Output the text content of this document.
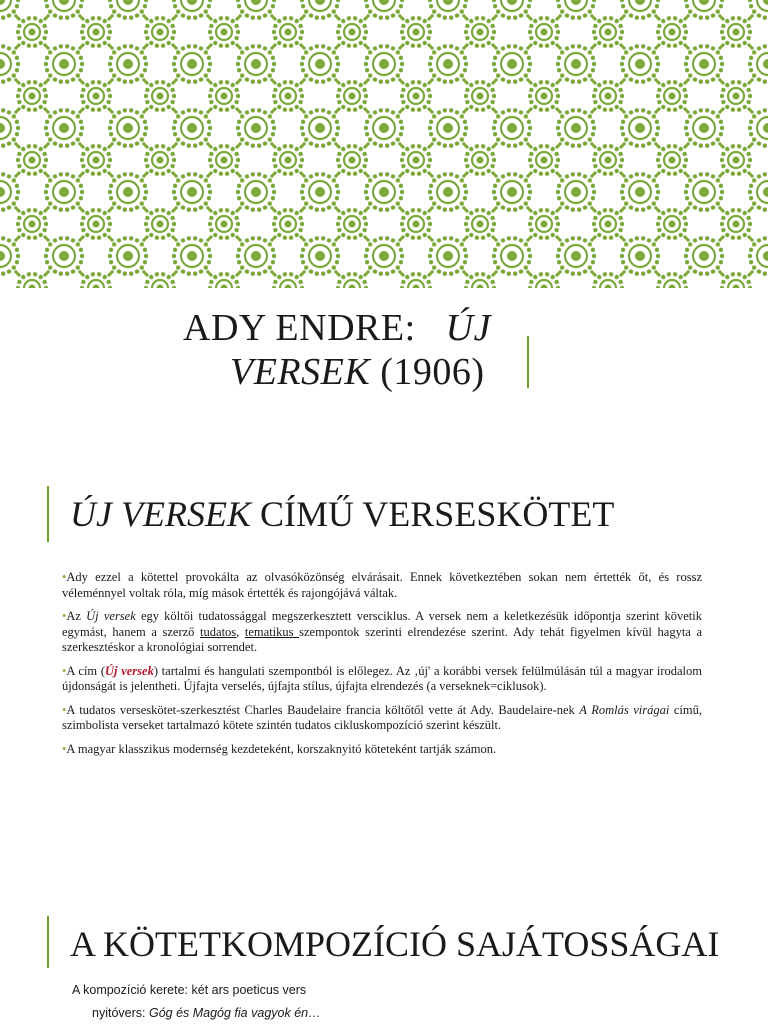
ADY ENDRE: ÚJ
VERSEK (1906)
ÚJ VERSEK CÍMŰ VERSESKÖTET
•Ady ezzel a kötettel provokálta az olvasóközönség elvárásait. Ennek következtében sokan nem értették őt, és rossz véleménnyel voltak róla, míg mások értették és rajongójává váltak.
•Az Új versek egy költői tudatossággal megszerkesztett versciklus. A versek nem a keletkezésük időpontja szerint követik egymást, hanem a szerző tudatos, tematikus szempontok szerinti elrendezése szerint. Ady tehát figyelmen kívül hagyta a szerkesztéskor a kronológiai sorrendet.
•A cím (Új versek) tartalmi és hangulati szempontból is előlegez. Az ‚új' a korábbi versek felülmúlásán túl a magyar irodalom újdonságát is jelentheti. Újfajta verselés, újfajta stílus, újfajta elrendezés (a verseknek=ciklusok).
•A tudatos verseskötet-szerkesztést Charles Baudelaire francia költőtől vette át Ady. Baudelaire-nek A Romlás virágai című, szimbolista verseket tartalmazó kötete szintén tudatos cikluskompozíció szerint készült.
•A magyar klasszikus modernség kezdeteként, korszaknyitó köteteként tartják számon.
A KÖTETKOMPOZÍCIÓ SAJÁTOSSÁGAI
A kompozíció kerete: két ars poeticus vers
nyitóvers: Góg és Magóg fia vagyok én…
